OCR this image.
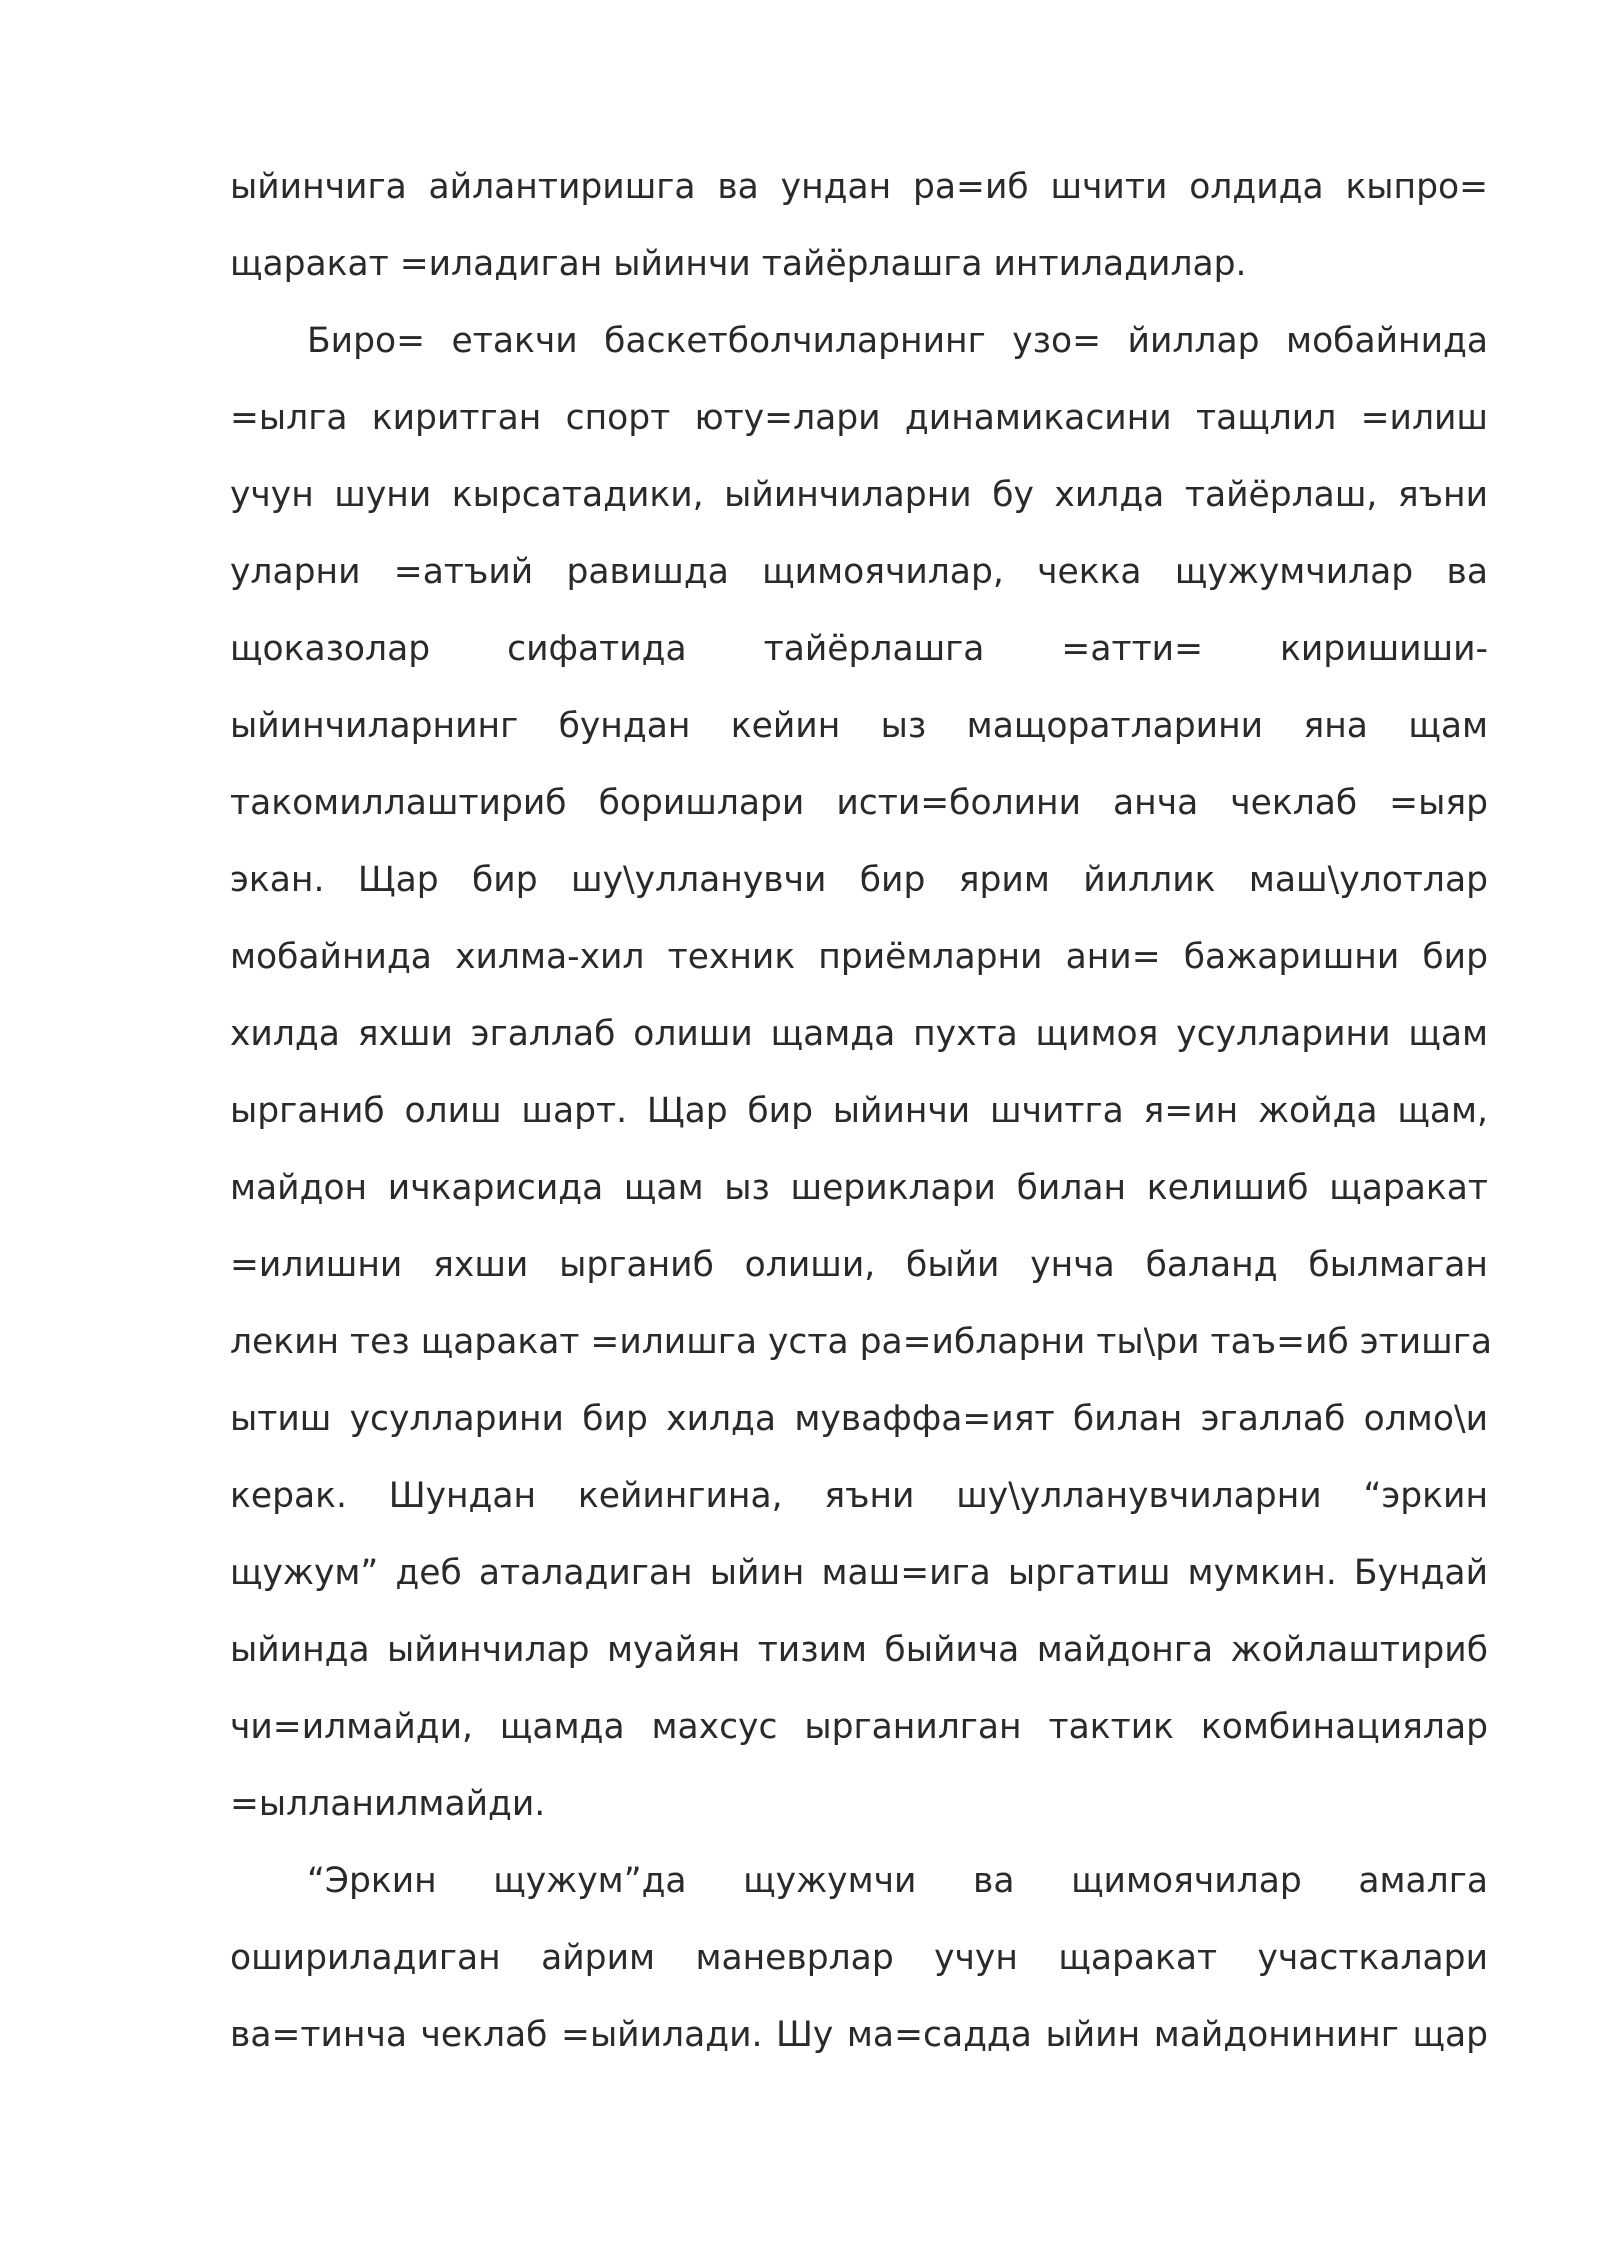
ыйинчига айлантиришга ва ундан ра=иб шчити олдида кыпро=
щаракат =иладиган ыйинчи тайёрлашга интиладилар.
Биро= етакчи баскетболчиларнинг узо= йиллар мобайнида
=ылга киритган спорт юту=лари динамикасини тащлил =илиш
учун шуни кырсатадики, ыйинчиларни бу хилда тайёрлаш, яъни
уларни =атъий равишда щимоячилар, чекка щужумчилар ва
щоказолар сифатида тайёрлашга =атти= киришиши-
ыйинчиларнинг бундан кейин ыз мащоратларини яна щам
такомиллаштириб боришлари исти=болини анча чеклаб =ыяр
экан. Щар бир шу\улланувчи бир ярим йиллик маш\улотлар
мобайнида хилма-хил техник приёмларни ани= бажаришни бир
хилда яхши эгаллаб олиши щамда пухта щимоя усулларини щам
ырганиб олиш шарт. Щар бир ыйинчи шчитга я=ин жойда щам,
майдон ичкарисида щам ыз шериклари билан келишиб щаракат
=илишни яхши ырганиб олиши, быйи унча баланд былмаган
лекин тез щаракат =илишга уста ра=ибларни ты\ри таъ=иб этишга
ытиш усулларини бир хилда муваффа=ият билан эгаллаб олмо\и
керак. Шундан кейингина, яъни шу\улланувчиларни “эркин
щужум” деб аталадиган ыйин маш=ига ыргатиш мумкин. Бундай
ыйинда ыйинчилар муайян тизим быйича майдонга жойлаштириб
чи=илмайди, щамда махсус ырганилган тактик комбинациялар
=ылланилмайди.
“Эркин щужум”да щужумчи ва щимоячилар амалга
ошириладиган айрим маневрлар учун щаракат участкалари
ва=тинча чеклаб =ыйилади. Шу ма=садда ыйин майдонининг щар
